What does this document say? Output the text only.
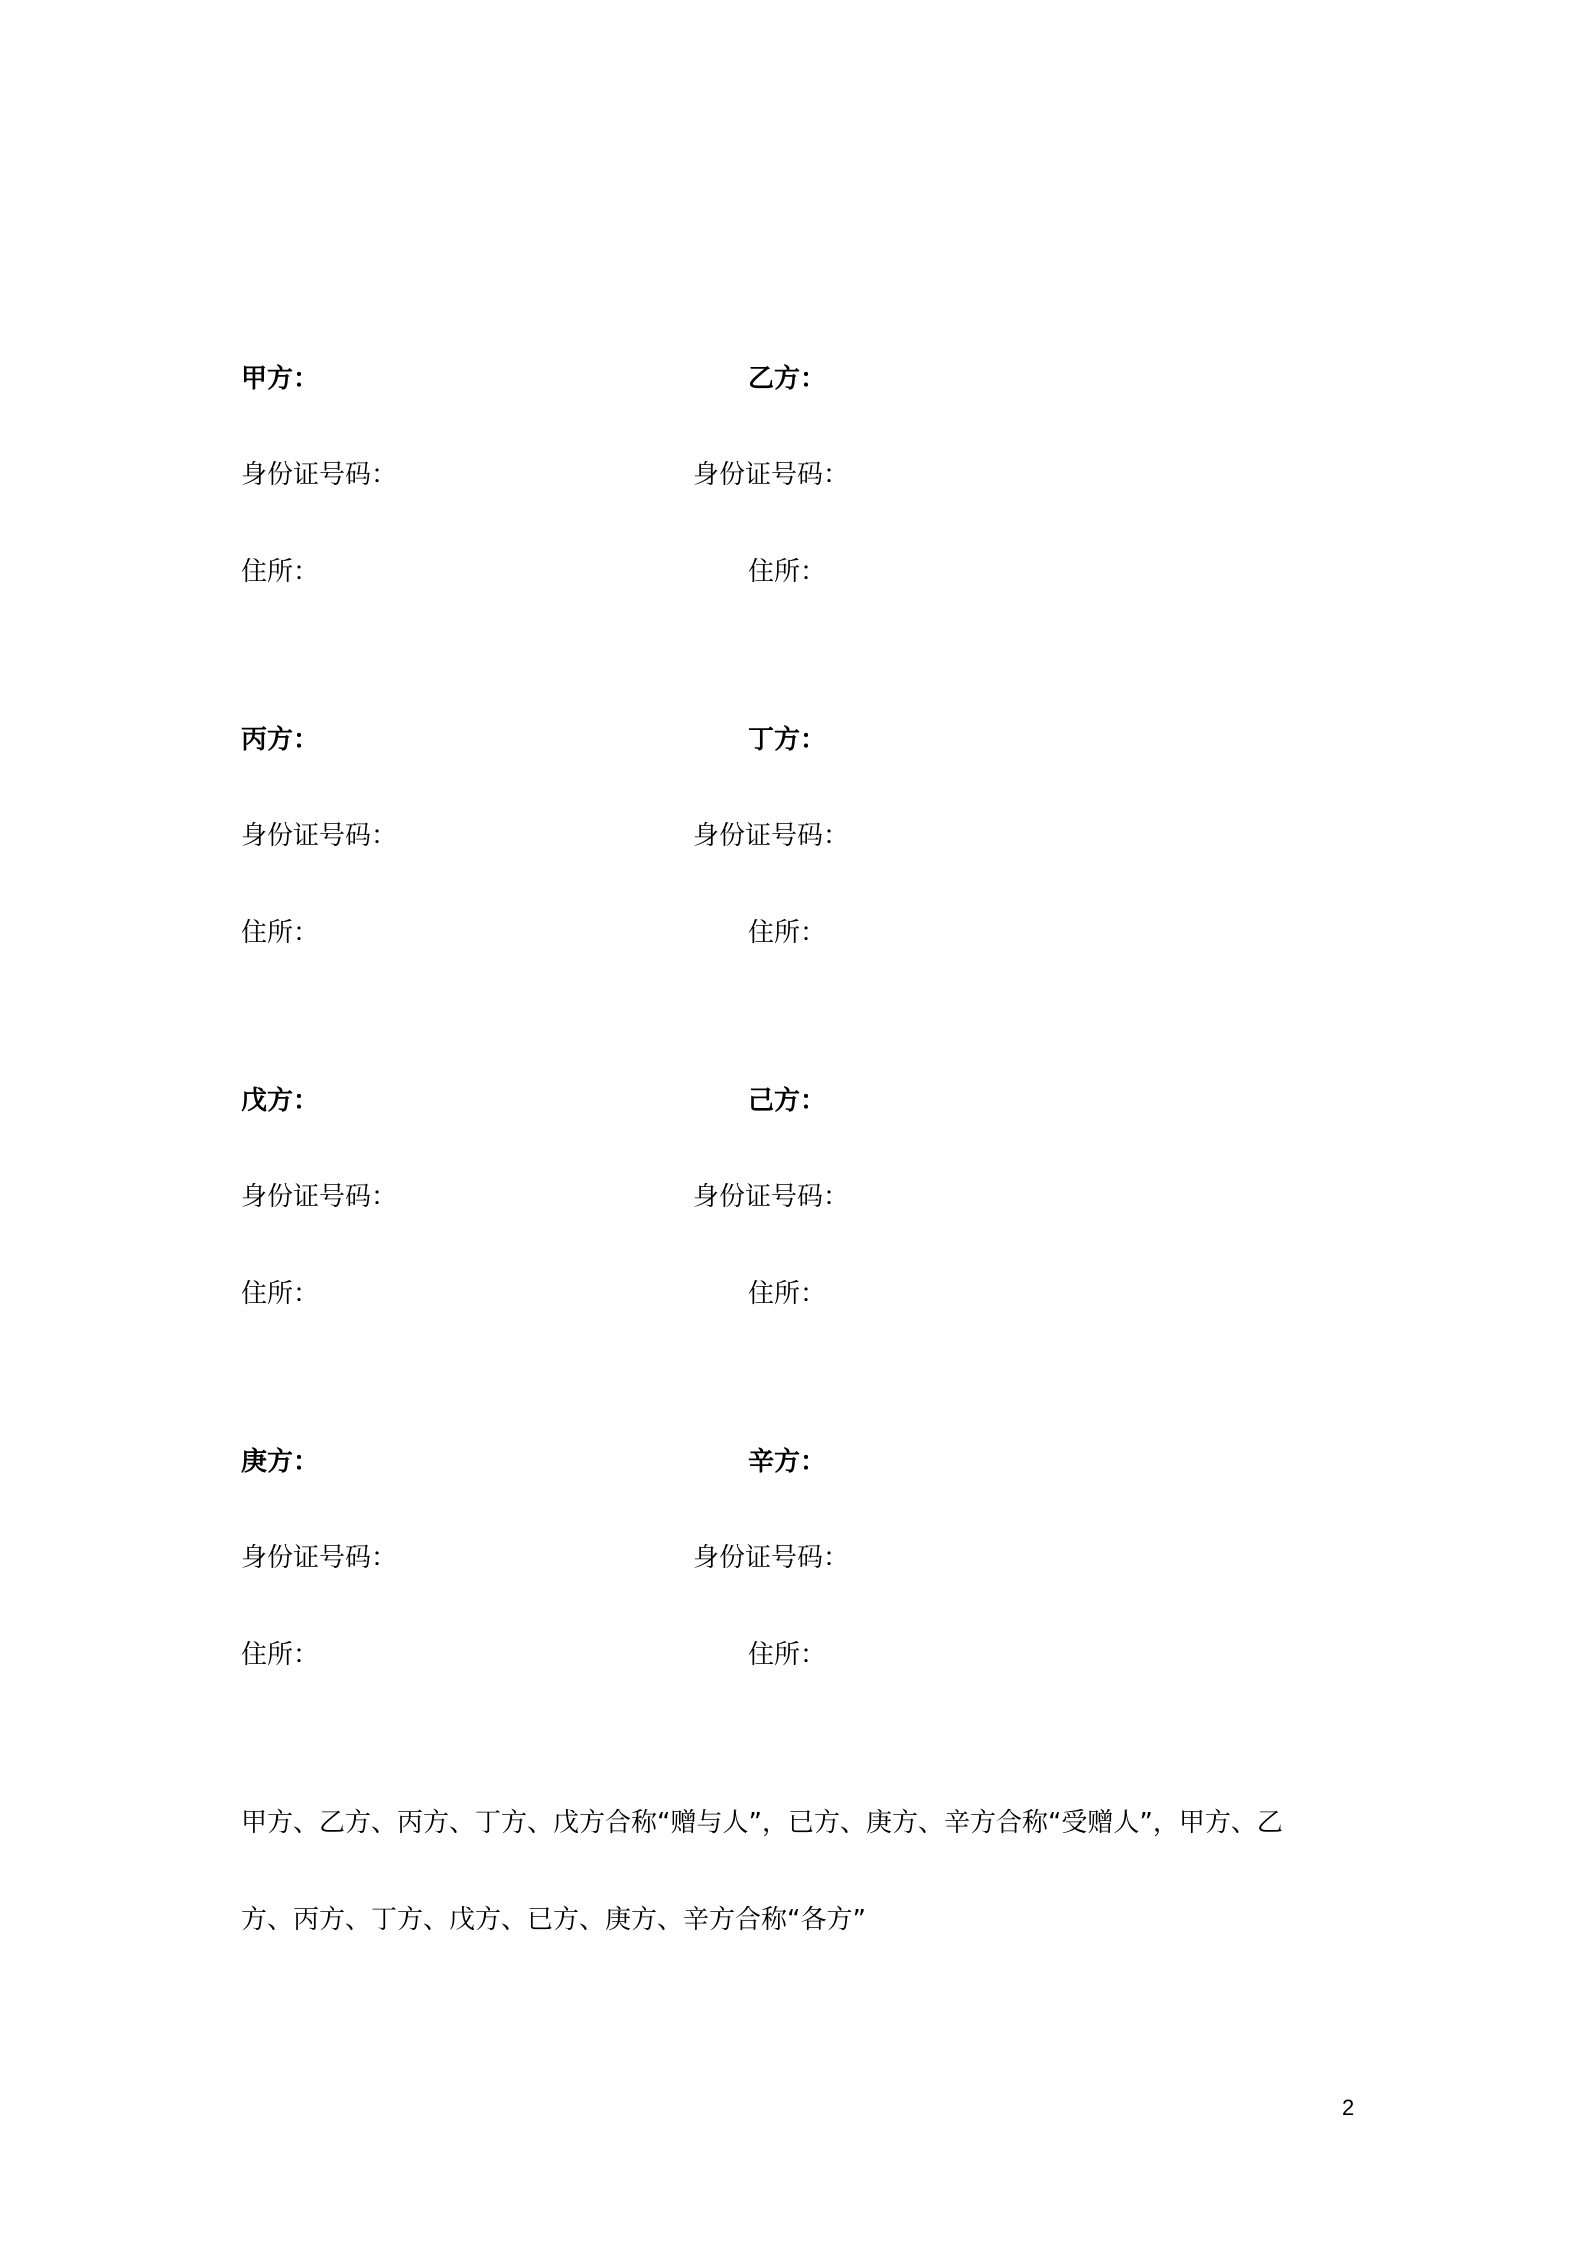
甲方：	乙方：
身份证号码：	身份证号码：
住所：	住所：
丙方：	丁方：
身份证号码：	身份证号码：
住所：	住所：
戊方：	己方：
身份证号码：	身份证号码：
住所：	住所：
庚方：	辛方：
身份证号码：	身份证号码：
住所：	住所：
甲方、乙方、丙方、丁方、戊方合称“赠与人”，已方、庚方、辛方合称“受赠人”，甲方、乙
方、丙方、丁方、戊方、已方、庚方、辛方合称“各方”
2
